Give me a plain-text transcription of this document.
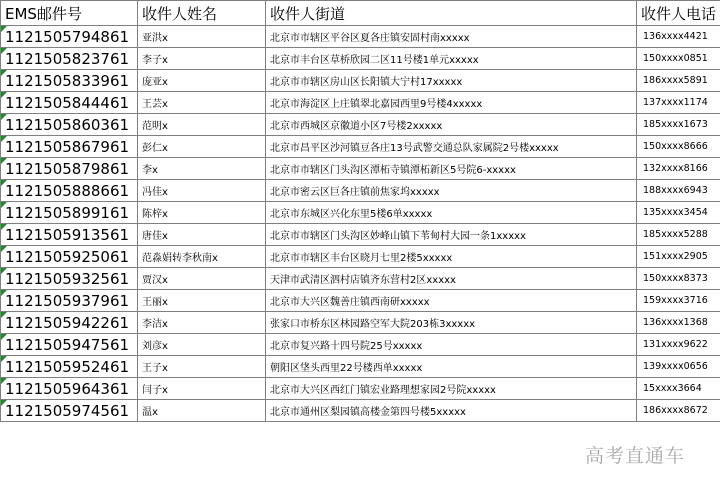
EMS邮件号	收件人姓名	收件人街道	收件人电话
1121505794861	亚洪x	北京市市辖区平谷区夏各庄镇安固村南xxxxx	136xxxx4421
1121505823761	李子x	北京市丰台区草桥欣园二区11号楼1单元xxxxx	150xxxx0851
1121505833961	庞亚x	北京市市辖区房山区长阳镇大宁村17xxxxx	186xxxx5891
1121505844461	王芸x	北京市海淀区上庄镇翠北嘉园西里9号楼4xxxxx	137xxxx1174
1121505860361	范明x	北京市西城区京徽道小区7号楼2xxxxx	185xxxx1673
1121505867961	彭仁x	北京市昌平区沙河镇豆各庄13号武警交通总队家属院2号楼xxxxx	150xxxx8666
1121505879861	李x	北京市市辖区门头沟区潭柘寺镇潭柘新区5号院6-xxxxx	132xxxx8166
1121505888661	冯佳x	北京市密云区巨各庄镇前焦家坞xxxxx	188xxxx6943
1121505899161	陈梓x	北京市东城区兴化东里5楼6单xxxxx	135xxxx3454
1121505913561	唐佳x	北京市市辖区门头沟区妙峰山镇下苇甸村大园一条1xxxxx	185xxxx5288
1121505925061	范淼娟转李秋南x	北京市市辖区丰台区晓月七里2楼5xxxxx	151xxxx2905
1121505932561	贾汉x	天津市武清区泗村店镇齐东营村2区xxxxx	150xxxx8373
1121505937961	王丽x	北京市大兴区魏善庄镇西南研xxxxx	159xxxx3716
1121505942261	李洁x	张家口市桥东区林园路空军大院203栋3xxxxx	136xxxx1368
1121505947561	刘彦x	北京市复兴路十四号院25号xxxxx	131xxxx9622
1121505952461	王子x	朝阳区垡头西里22号楼西单xxxxx	139xxxx0656
1121505964361	闫子x	北京市大兴区西红门镇宏业路理想家园2号院xxxxx	15xxxx3664
1121505974561	温x	北京市通州区梨园镇高楼金第四号楼5xxxxx	186xxxx8672
高考直通车
